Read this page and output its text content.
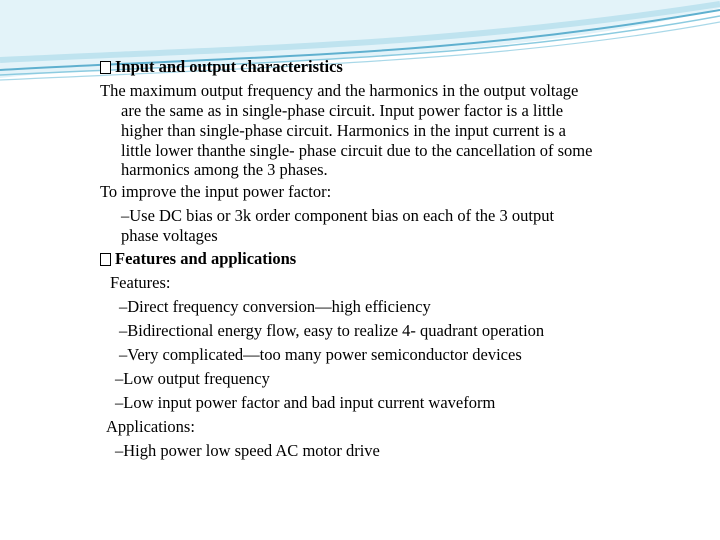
Input and output characteristics
The maximum output frequency and the harmonics in the output voltage
are the same as in single-phase circuit. Input power factor is a little
higher than single-phase circuit. Harmonics in the input current is a
little lower thanthe single- phase circuit due to the cancellation of some
harmonics among the 3 phases.
To improve the input power factor:
–Use DC bias or 3k order component bias on each of the 3 output
phase voltages
Features and applications
Features:
–Direct frequency conversion—high efficiency
–Bidirectional energy flow, easy to realize 4- quadrant operation
–Very complicated—too many power semiconductor devices
–Low output frequency
–Low input power factor and bad input current waveform
Applications:
–High power low speed AC motor drive
